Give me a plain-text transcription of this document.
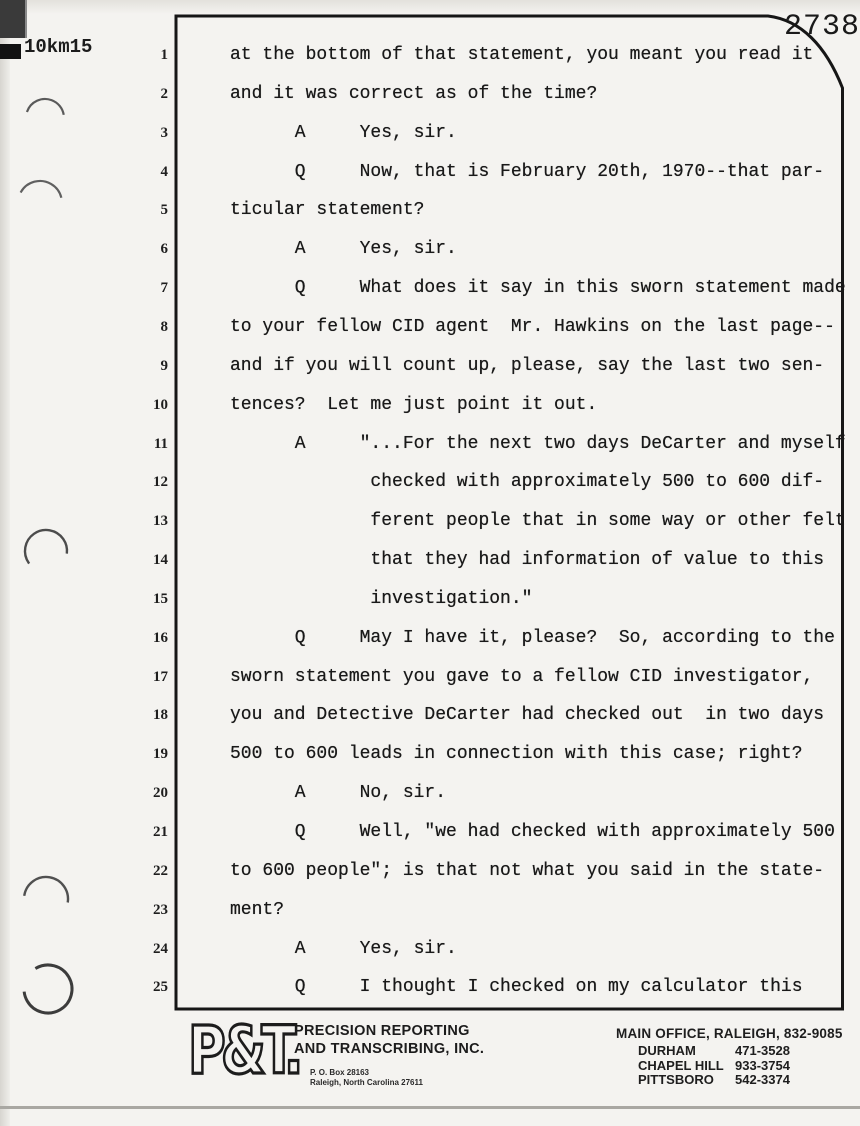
10km15
2738
1	at the bottom of that statement, you meant you read it
2	and it was correct as of the time?
3	A     Yes, sir.
4	Q     Now, that is February 20th, 1970--that par-
5	ticular statement?
6	A     Yes, sir.
7	Q     What does it say in this sworn statement made
8	to your fellow CID agent  Mr. Hawkins on the last page--
9	and if you will count up, please, say the last two sen-
10	tences?  Let me just point it out.
11	A     "...For the next two days DeCarter and myself
12	checked with approximately 500 to 600 dif-
13	ferent people that in some way or other felt
14	that they had information of value to this
15	investigation."
16	Q     May I have it, please?  So, according to the
17	sworn statement you gave to a fellow CID investigator,
18	you and Detective DeCarter had checked out  in two days
19	500 to 600 leads in connection with this case; right?
20	A     No, sir.
21	Q     Well, "we had checked with approximately 500
22	to 600 people"; is that not what you said in the state-
23	ment?
24	A     Yes, sir.
25	Q     I thought I checked on my calculator this
P&T.
PRECISION REPORTING
AND TRANSCRIBING, INC.
P. O. Box 28163
Raleigh, North Carolina 27611
MAIN OFFICE, RALEIGH, 832-9085
DURHAM	471-3528
CHAPEL HILL 933-3754
PITTSBORO	542-3374
